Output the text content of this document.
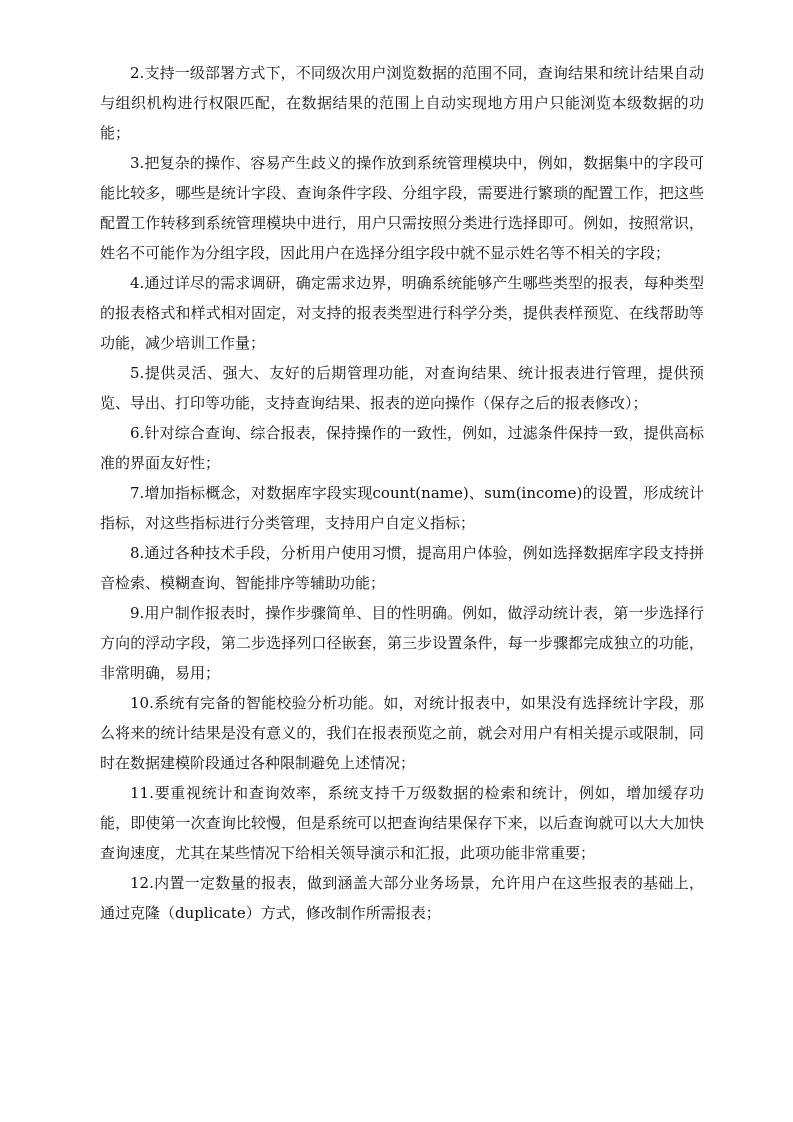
2.支持一级部署方式下，不同级次用户浏览数据的范围不同，查询结果和统计结果自动与组织机构进行权限匹配，在数据结果的范围上自动实现地方用户只能浏览本级数据的功能；

3.把复杂的操作、容易产生歧义的操作放到系统管理模块中，例如，数据集中的字段可能比较多，哪些是统计字段、查询条件字段、分组字段，需要进行繁琐的配置工作，把这些配置工作转移到系统管理模块中进行，用户只需按照分类进行选择即可。例如，按照常识，姓名不可能作为分组字段，因此用户在选择分组字段中就不显示姓名等不相关的字段；

4.通过详尽的需求调研，确定需求边界，明确系统能够产生哪些类型的报表，每种类型的报表格式和样式相对固定，对支持的报表类型进行科学分类，提供表样预览、在线帮助等功能，减少培训工作量；

5.提供灵活、强大、友好的后期管理功能，对查询结果、统计报表进行管理，提供预览、导出、打印等功能，支持查询结果、报表的逆向操作（保存之后的报表修改）；

6.针对综合查询、综合报表，保持操作的一致性，例如，过滤条件保持一致，提供高标准的界面友好性；

7.增加指标概念，对数据库字段实现count(name)、sum(income)的设置，形成统计指标，对这些指标进行分类管理，支持用户自定义指标；

8.通过各种技术手段，分析用户使用习惯，提高用户体验，例如选择数据库字段支持拼音检索、模糊查询、智能排序等辅助功能；

9.用户制作报表时，操作步骤简单、目的性明确。例如，做浮动统计表，第一步选择行方向的浮动字段，第二步选择列口径嵌套，第三步设置条件，每一步骤都完成独立的功能，非常明确，易用；

10.系统有完备的智能校验分析功能。如，对统计报表中，如果没有选择统计字段，那么将来的统计结果是没有意义的，我们在报表预览之前，就会对用户有相关提示或限制，同时在数据建模阶段通过各种限制避免上述情况；

11.要重视统计和查询效率，系统支持千万级数据的检索和统计，例如，增加缓存功能，即使第一次查询比较慢，但是系统可以把查询结果保存下来，以后查询就可以大大加快查询速度，尤其在某些情况下给相关领导演示和汇报，此项功能非常重要；

12.内置一定数量的报表，做到涵盖大部分业务场景，允许用户在这些报表的基础上，通过克隆（duplicate）方式，修改制作所需报表；
